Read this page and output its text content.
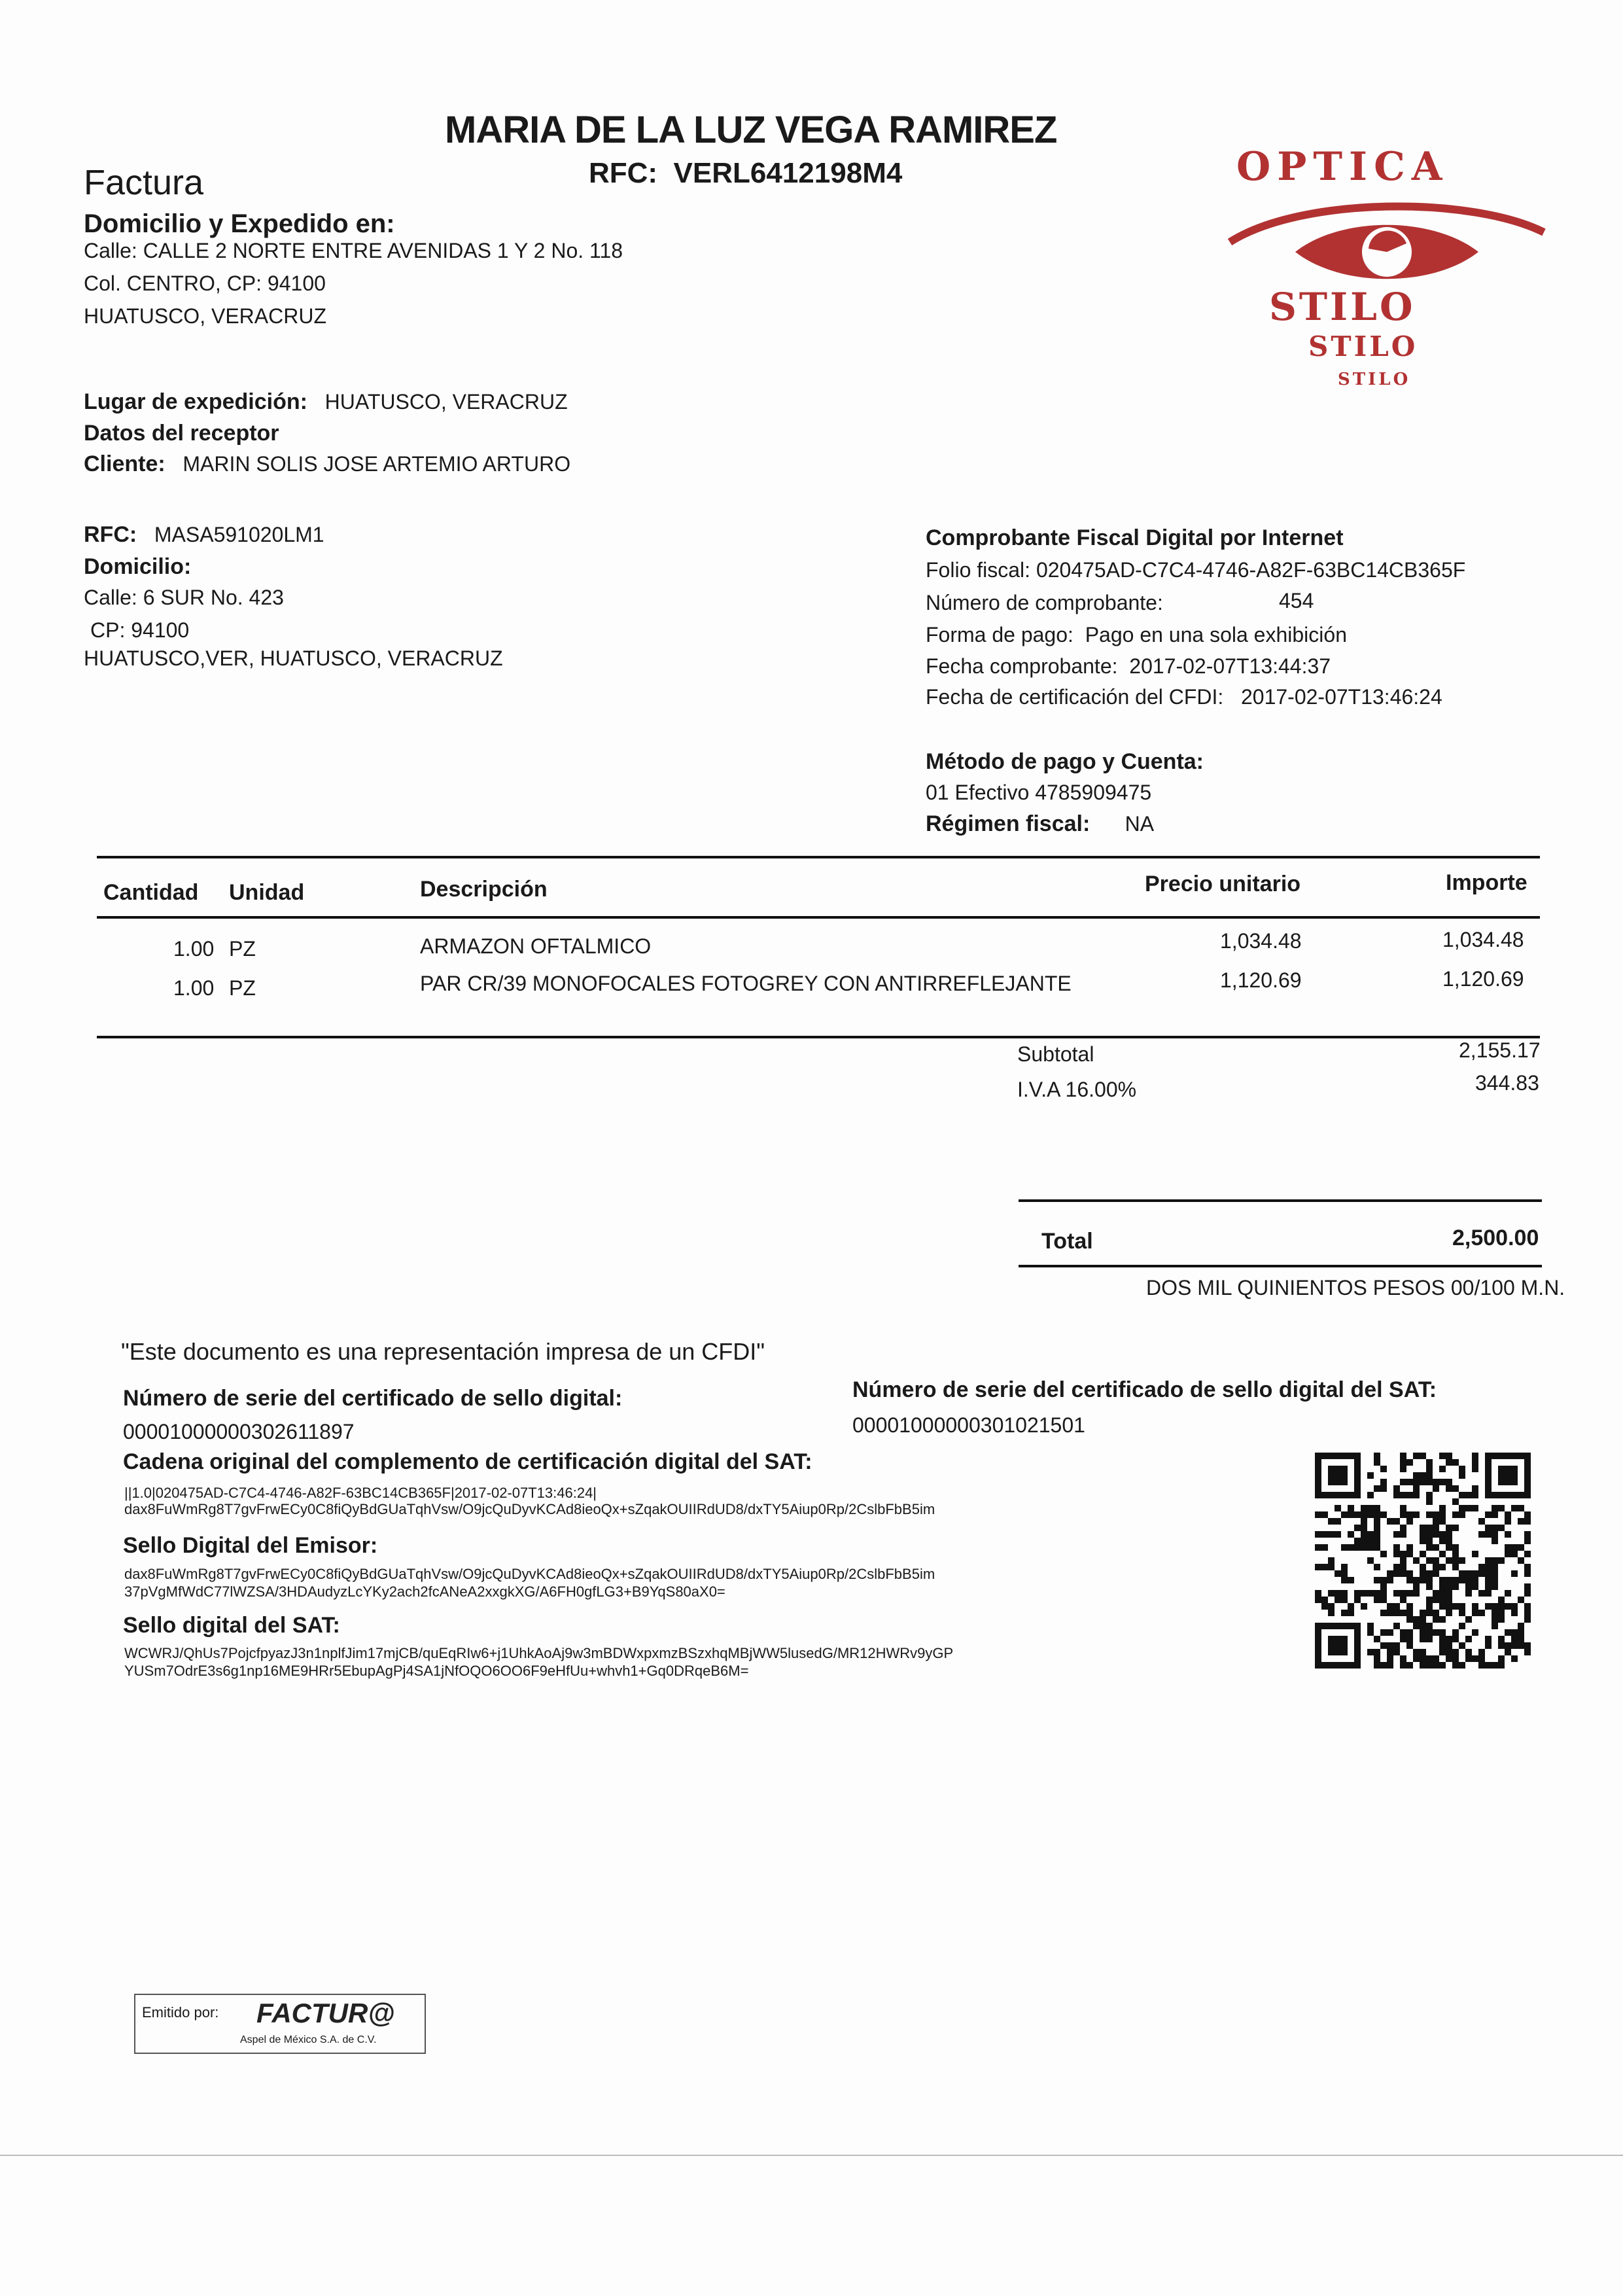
MARIA DE LA LUZ VEGA RAMIREZ
RFC: VERL6412198M4
Factura
Domicilio y Expedido en:
Calle: CALLE 2 NORTE ENTRE AVENIDAS 1 Y 2 No. 118
Col. CENTRO, CP: 94100
HUATUSCO, VERACRUZ
OPTICA
STILO
STILO
STILO
Lugar de expedición: HUATUSCO, VERACRUZ
Datos del receptor
Cliente: MARIN SOLIS JOSE ARTEMIO ARTURO
RFC: MASA591020LM1
Domicilio:
Calle: 6 SUR No. 423
CP: 94100
HUATUSCO,VER, HUATUSCO, VERACRUZ
Comprobante Fiscal Digital por Internet
Folio fiscal: 020475AD-C7C4-4746-A82F-63BC14CB365F
Número de comprobante:	454
Forma de pago: Pago en una sola exhibición
Fecha comprobante: 2017-02-07T13:44:37
Fecha de certificación del CFDI: 2017-02-07T13:46:24
Método de pago y Cuenta:
01 Efectivo 4785909475
Régimen fiscal: NA
Cantidad Unidad	Descripción	Precio unitario	Importe
1.00 PZ	ARMAZON OFTALMICO	1,034.48	1,034.48
1.00 PZ	PAR CR/39 MONOFOCALES FOTOGREY CON ANTIRREFLEJANTE	1,120.69	1,120.69
Subtotal	2,155.17
I.V.A 16.00%	344.83
Total	2,500.00
DOS MIL QUINIENTOS PESOS 00/100 M.N.
"Este documento es una representación impresa de un CFDI"
Número de serie del certificado de sello digital:
00001000000302611897
Número de serie del certificado de sello digital del SAT:
00001000000301021501
Cadena original del complemento de certificación digital del SAT:
||1.0|020475AD-C7C4-4746-A82F-63BC14CB365F|2017-02-07T13:46:24|
dax8FuWmRg8T7gvFrwECy0C8fiQyBdGUaTqhVsw/O9jcQuDyvKCAd8ieoQx+sZqakOUIIRdUD8/dxTY5Aiup0Rp/2CslbFbB5im
Sello Digital del Emisor:
dax8FuWmRg8T7gvFrwECy0C8fiQyBdGUaTqhVsw/O9jcQuDyvKCAd8ieoQx+sZqakOUIIRdUD8/dxTY5Aiup0Rp/2CslbFbB5im
37pVgMfWdC77lWZSA/3HDAudyzLcYKy2ach2fcANeA2xxgkXG/A6FH0gfLG3+B9YqS80aX0=
Sello digital del SAT:
WCWRJ/QhUs7PojcfpyazJ3n1nplfJim17mjCB/quEqRIw6+j1UhkAoAj9w3mBDWxpxmzBSzxhqMBjWW5lusedG/MR12HWRv9yGP
YUSm7OdrE3s6g1np16ME9HRr5EbupAgPj4SA1jNfOQO6OO6F9eHfUu+whvh1+Gq0DRqeB6M=
Emitido por: FACTUR@
Aspel de México S.A. de C.V.
